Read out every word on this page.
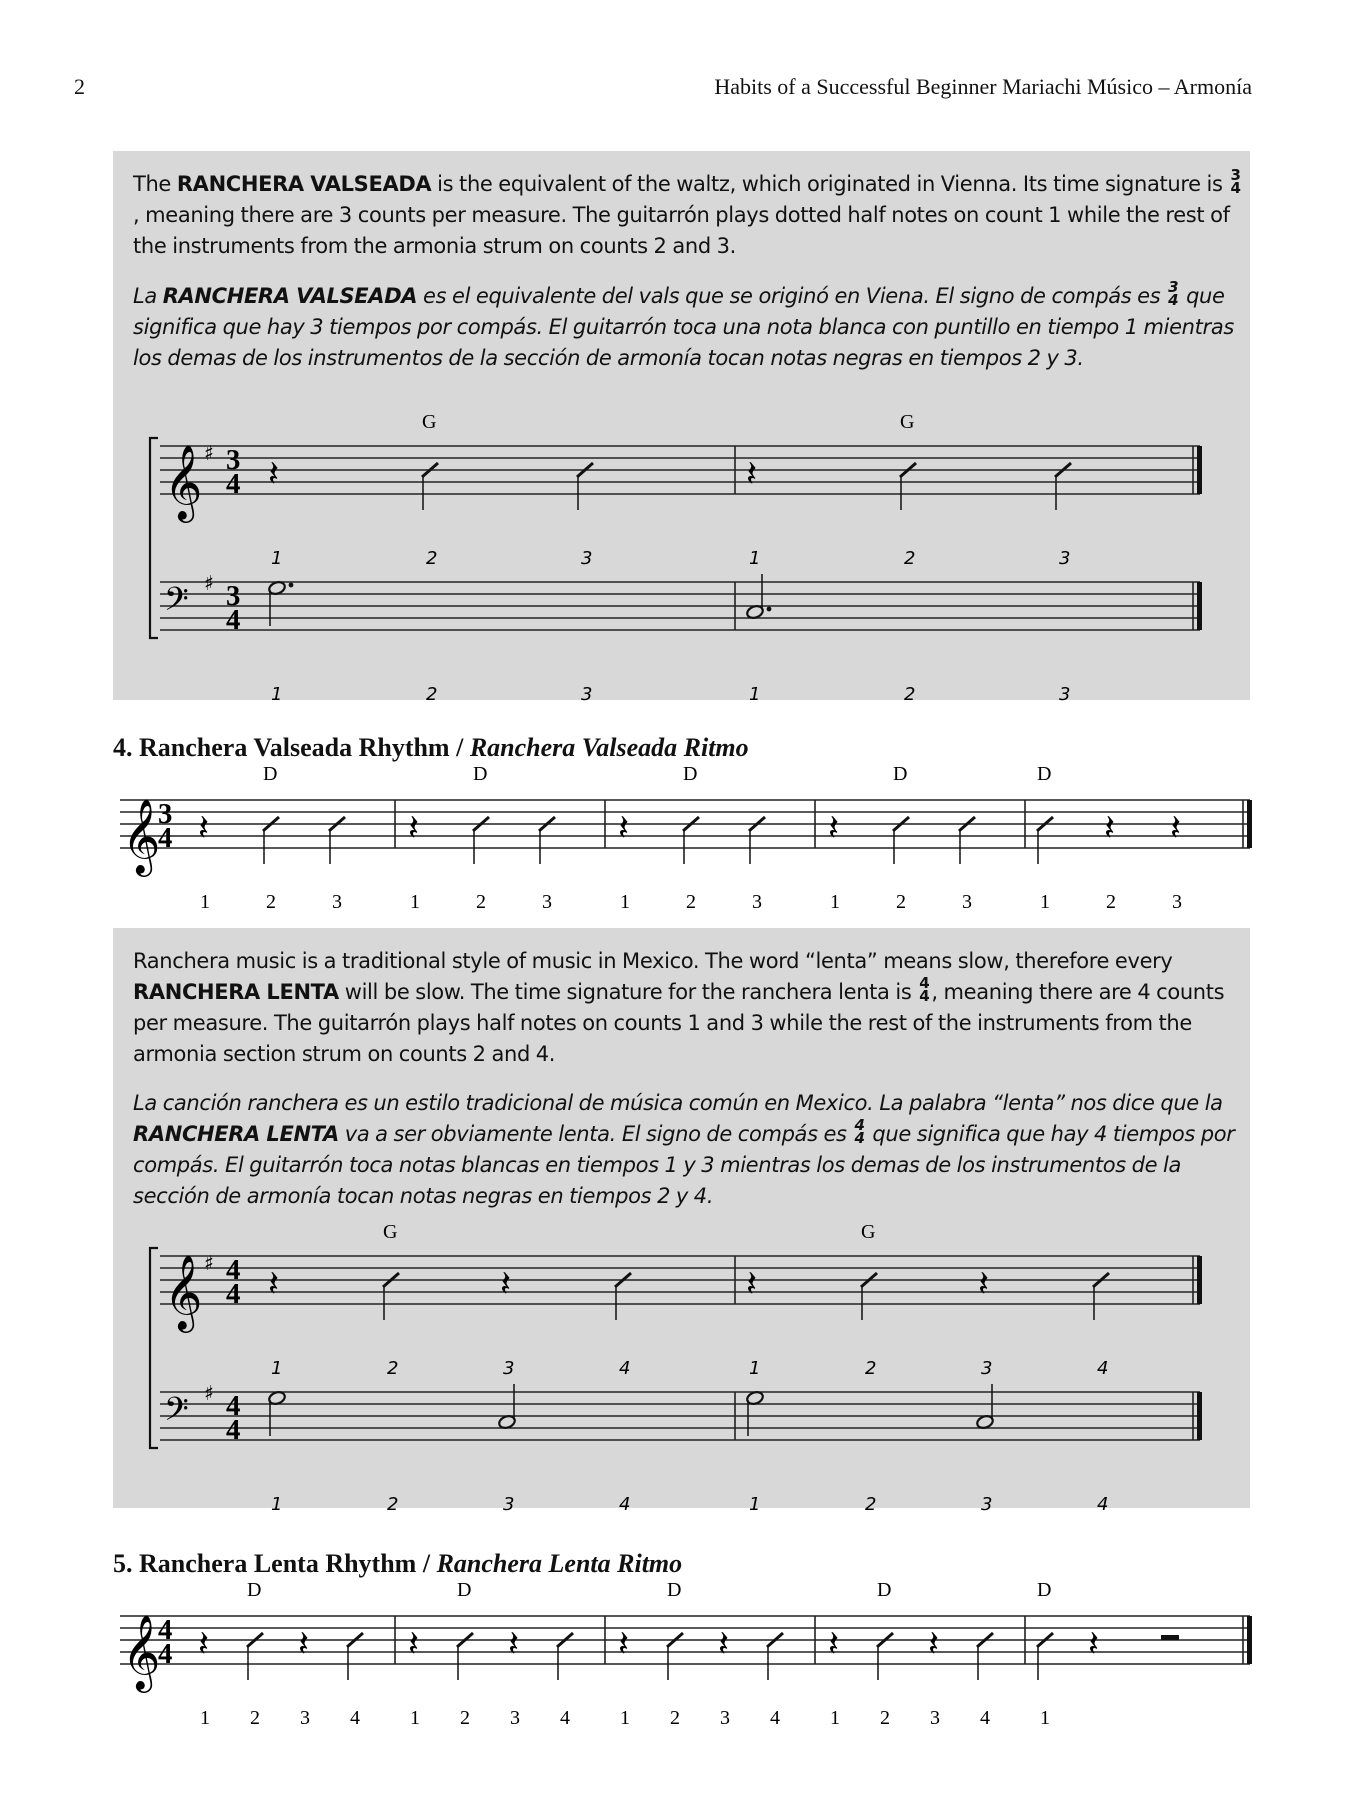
2	Habits of a Successful Beginner Mariachi Músico – Armonía

The RANCHERA VALSEADA is the equivalent of the waltz, which originated in Vienna. Its time signature is 3
4
, meaning there are 3 counts per measure. The guitarrón plays dotted half notes on count 1 while the rest of the instruments from the armonia strum on counts 2 and 3.

La RANCHERA VALSEADA es el equivalente del vals que se originó en Viena. El signo de compás es 3
4 que significa que hay 3 tiempos por compás. El guitarrón toca una nota blanca con puntillo en tiempo 1 mientras los demas de los instrumentos de la sección de armonía tocan notas negras en tiempos 2 y 3.

𝄞 ♯ 3
4
𝄢 ♯ 3
4
G
𝄽
1
1
2
2
3
3
G
𝄽
1
1
2
2
3
3
4. Ranchera Valseada Rhythm / Ranchera Valseada Ritmo
𝄞
3
4
D
𝄽
1	2	3
D
𝄽
1	2	3
D
𝄽
1	2	3
D
𝄽
1	2	3
D
1
𝄽
2
𝄽
3

Ranchera music is a traditional style of music in Mexico. The word “lenta” means slow, therefore every RANCHERA LENTA will be slow. The time signature for the ranchera lenta is 4
4 , meaning there are 4 counts per measure. The guitarrón plays half notes on counts 1 and 3 while the rest of the instruments from the armonia section strum on counts 2 and 4.

La canción ranchera es un estilo tradicional de música común en Mexico. La palabra “lenta” nos dice que la RANCHERA LENTA va a ser obviamente lenta. El signo de compás es 4
4 que significa que hay 4 tiempos por compás. El guitarrón toca notas blancas en tiempos 1 y 3 mientras los demas de los instrumentos de la sección de armonía tocan notas negras en tiempos 2 y 4.

𝄞 ♯ 4
4
𝄢 ♯ 4
4
G
𝄽
1
1
2
2
𝄽
3
3
4
4
G
𝄽
1
1
2
2
𝄽
3
3
4
4
5. Ranchera Lenta Rhythm / Ranchera Lenta Ritmo
𝄞
4
4
D
𝄽
1 2
𝄽
3 4
D
𝄽
1 2
𝄽
3 4
D
𝄽
1 2
𝄽
3 4
D
𝄽
1 2
𝄽
3 4
D
1
𝄽
